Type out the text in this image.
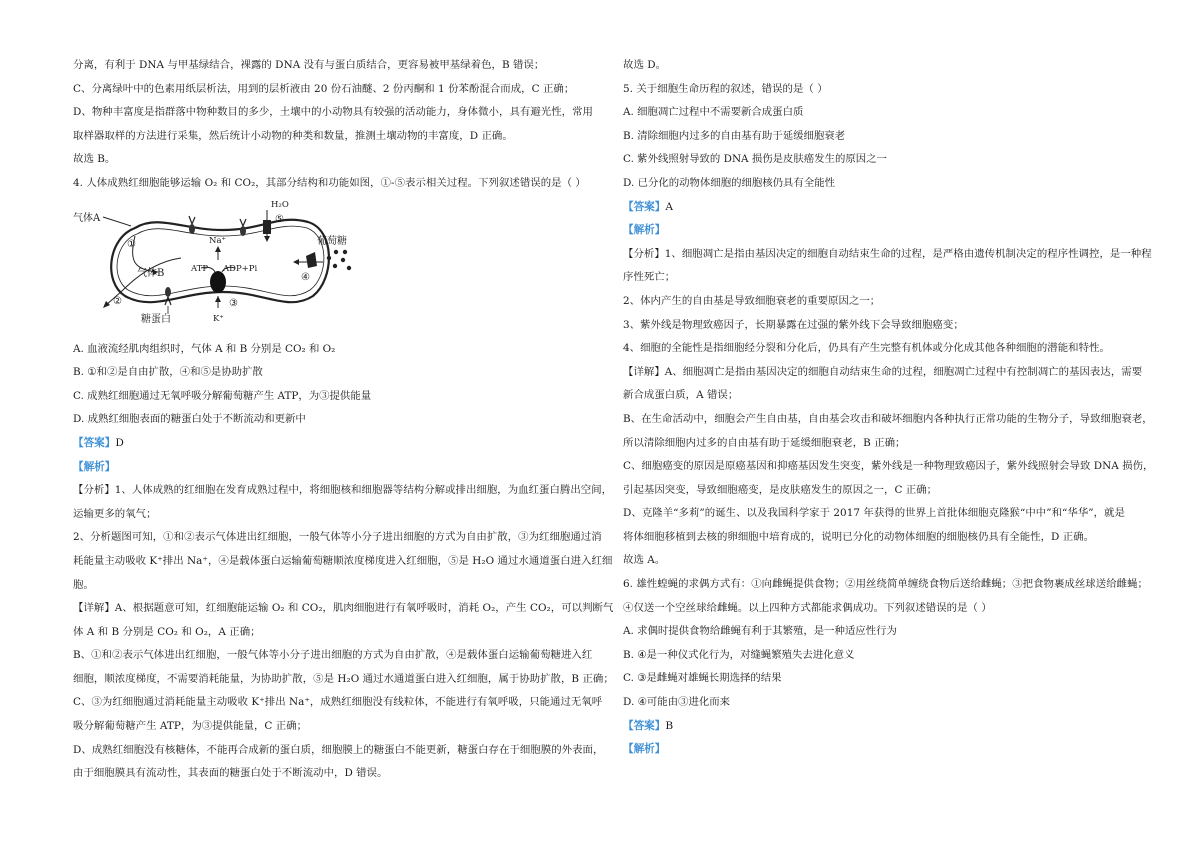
分离，有利于 DNA 与甲基绿结合，裸露的 DNA 没有与蛋白质结合，更容易被甲基绿着色，B 错误；
C、分离绿叶中的色素用纸层析法，用到的层析液由 20 份石油醚、2 份丙酮和 1 份苯酚混合而成，C 正确；
D、物种丰富度是指群落中物种数目的多少，土壤中的小动物具有较强的活动能力，身体微小，具有避光性，常用
取样器取样的方法进行采集，然后统计小动物的种类和数量，推测土壤动物的丰富度，D 正确。
故选 B。
4. 人体成熟红细胞能够运输 O₂ 和 CO₂，其部分结构和功能如图，①-⑤表示相关过程。下列叙述错误的是（ ）
气体A
①
气体B
②
糖蛋白
H₂O
⑤
葡萄糖
④
Na⁺
ATP ADP+Pi
③
K⁺
A. 血液流经肌肉组织时，气体 A 和 B 分别是 CO₂ 和 O₂
B. ①和②是自由扩散，④和⑤是协助扩散
C. 成熟红细胞通过无氧呼吸分解葡萄糖产生 ATP，为③提供能量
D. 成熟红细胞表面的糖蛋白处于不断流动和更新中
【答案】D
【解析】
【分析】1、人体成熟的红细胞在发育成熟过程中，将细胞核和细胞器等结构分解或排出细胞，为血红蛋白腾出空间，
运输更多的氧气；
2、分析题图可知，①和②表示气体进出红细胞，一般气体等小分子进出细胞的方式为自由扩散，③为红细胞通过消
耗能量主动吸收 K⁺排出 Na⁺，④是载体蛋白运输葡萄糖顺浓度梯度进入红细胞，⑤是 H₂O 通过水通道蛋白进入红细
胞。
【详解】A、根据题意可知，红细胞能运输 O₂ 和 CO₂，肌肉细胞进行有氧呼吸时，消耗 O₂，产生 CO₂，可以判断气
体 A 和 B 分别是 CO₂ 和 O₂，A 正确；
B、①和②表示气体进出红细胞，一般气体等小分子进出细胞的方式为自由扩散，④是载体蛋白运输葡萄糖进入红
细胞，顺浓度梯度，不需要消耗能量，为协助扩散，⑤是 H₂O 通过水通道蛋白进入红细胞，属于协助扩散，B 正确；
C、③为红细胞通过消耗能量主动吸收 K⁺排出 Na⁺，成熟红细胞没有线粒体，不能进行有氧呼吸，只能通过无氧呼
吸分解葡萄糖产生 ATP，为③提供能量，C 正确；
D、成熟红细胞没有核糖体，不能再合成新的蛋白质，细胞膜上的糖蛋白不能更新，糖蛋白存在于细胞膜的外表面，
由于细胞膜具有流动性，其表面的糖蛋白处于不断流动中，D 错误。
故选 D。
5. 关于细胞生命历程的叙述，错误的是（ ）
A. 细胞凋亡过程中不需要新合成蛋白质
B. 清除细胞内过多的自由基有助于延缓细胞衰老
C. 紫外线照射导致的 DNA 损伤是皮肤癌发生的原因之一
D. 已分化的动物体细胞的细胞核仍具有全能性
【答案】A
【解析】
【分析】1、细胞凋亡是指由基因决定的细胞自动结束生命的过程，是严格由遗传机制决定的程序性调控，是一种程
序性死亡；
2、体内产生的自由基是导致细胞衰老的重要原因之一；
3、紫外线是物理致癌因子，长期暴露在过强的紫外线下会导致细胞癌变；
4、细胞的全能性是指细胞经分裂和分化后，仍具有产生完整有机体或分化成其他各种细胞的潜能和特性。
【详解】A、细胞凋亡是指由基因决定的细胞自动结束生命的过程，细胞凋亡过程中有控制凋亡的基因表达，需要
新合成蛋白质，A 错误；
B、在生命活动中，细胞会产生自由基，自由基会攻击和破坏细胞内各种执行正常功能的生物分子，导致细胞衰老，
所以清除细胞内过多的自由基有助于延缓细胞衰老，B 正确；
C、细胞癌变的原因是原癌基因和抑癌基因发生突变，紫外线是一种物理致癌因子，紫外线照射会导致 DNA 损伤，
引起基因突变，导致细胞癌变，是皮肤癌发生的原因之一，C 正确；
D、克隆羊“多莉”的诞生、以及我国科学家于 2017 年获得的世界上首批体细胞克隆猴“中中”和“华华”，就是
将体细胞移植到去核的卵细胞中培育成的，说明已分化的动物体细胞的细胞核仍具有全能性，D 正确。
故选 A。
6. 雄性蝗蝇的求偶方式有：①向雌蝇提供食物；②用丝绕简单缠绕食物后送给雌蝇；③把食物裹成丝球送给雌蝇；
④仅送一个空丝球给雌蝇。以上四种方式都能求偶成功。下列叙述错误的是（ ）
A. 求偶时提供食物给雌蝇有利于其繁殖，是一种适应性行为
B. ④是一种仪式化行为，对缝蝇繁殖失去进化意义
C. ③是雌蝇对雄蝇长期选择的结果
D. ④可能由③进化而来
【答案】B
【解析】
